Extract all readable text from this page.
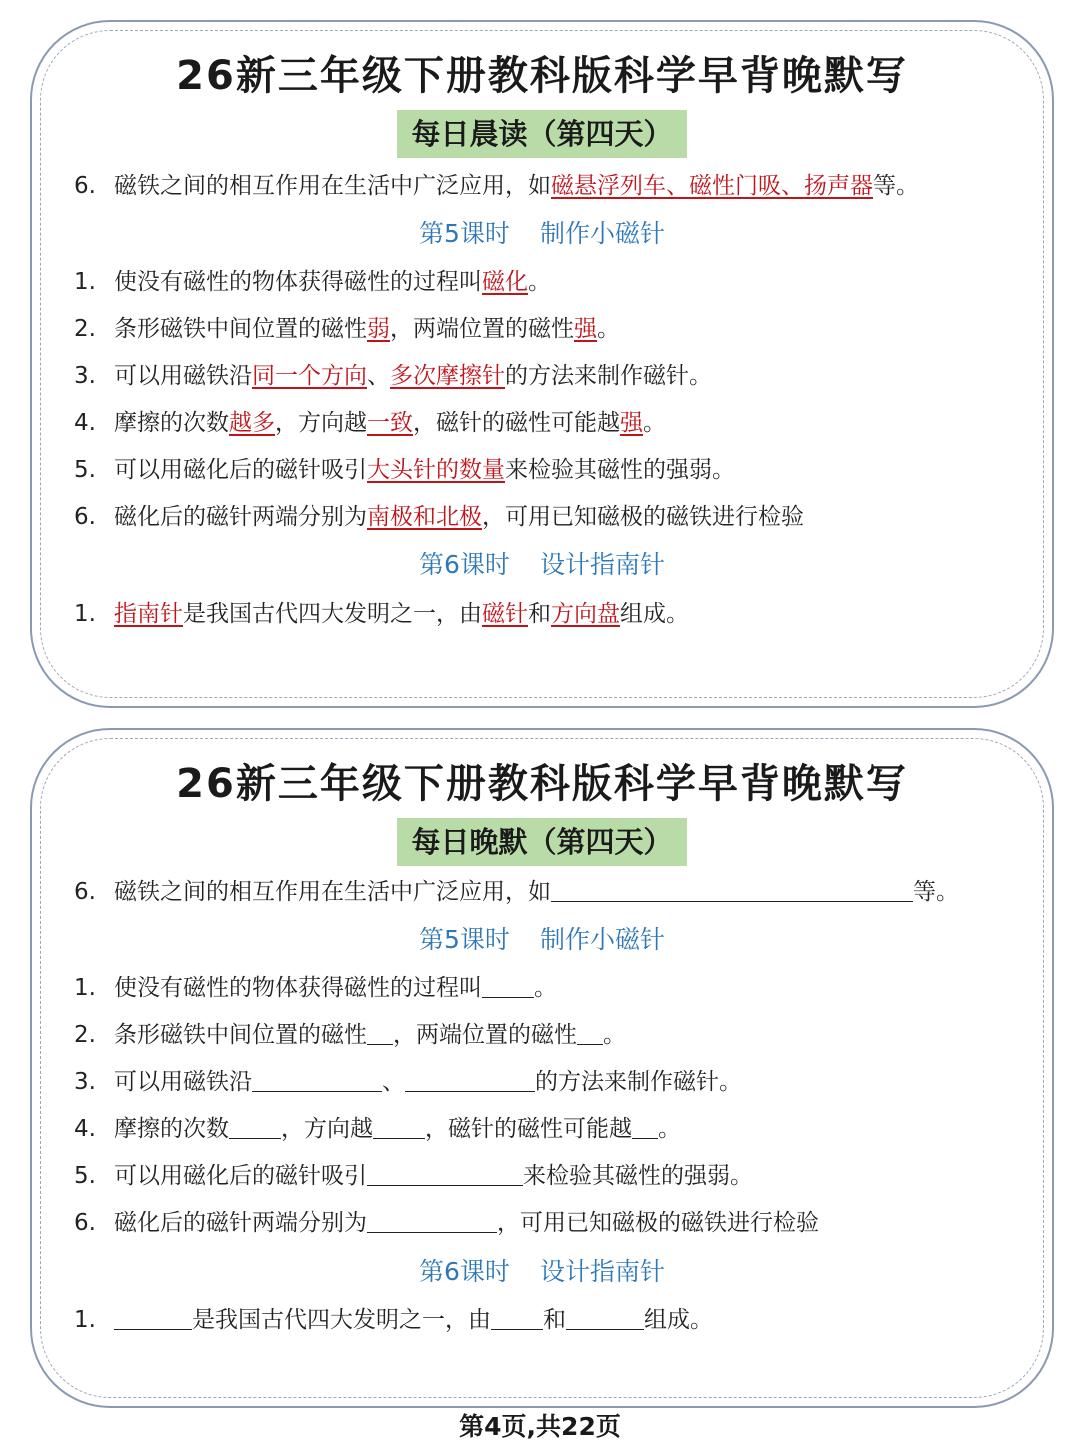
26新三年级下册教科版科学早背晚默写
每日晨读（第四天）
6. 磁铁之间的相互作用在生活中广泛应用，如磁悬浮列车、磁性门吸、扬声器等。
第5课时 制作小磁针
1. 使没有磁性的物体获得磁性的过程叫磁化。
2. 条形磁铁中间位置的磁性弱，两端位置的磁性强。
3. 可以用磁铁沿同一个方向、多次摩擦针的方法来制作磁针。
4. 摩擦的次数越多，方向越一致，磁针的磁性可能越强。
5. 可以用磁化后的磁针吸引大头针的数量来检验其磁性的强弱。
6. 磁化后的磁针两端分别为南极和北极，可用已知磁极的磁铁进行检验
第6课时 设计指南针
1. 指南针是我国古代四大发明之一，由磁针和方向盘组成。
26新三年级下册教科版科学早背晚默写
每日晚默（第四天）
6. 磁铁之间的相互作用在生活中广泛应用，如	等。
第5课时 制作小磁针
1. 使没有磁性的物体获得磁性的过程叫 。
2. 条形磁铁中间位置的磁性 ，两端位置的磁性 。
3. 可以用磁铁沿	、	的方法来制作磁针。
4. 摩擦的次数 ，方向越 ，磁针的磁性可能越 。
5. 可以用磁化后的磁针吸引	来检验其磁性的强弱。
6. 磁化后的磁针两端分别为	，可用已知磁极的磁铁进行检验
第6课时 设计指南针
1.	是我国古代四大发明之一，由 和	组成。
第4页,共22页
